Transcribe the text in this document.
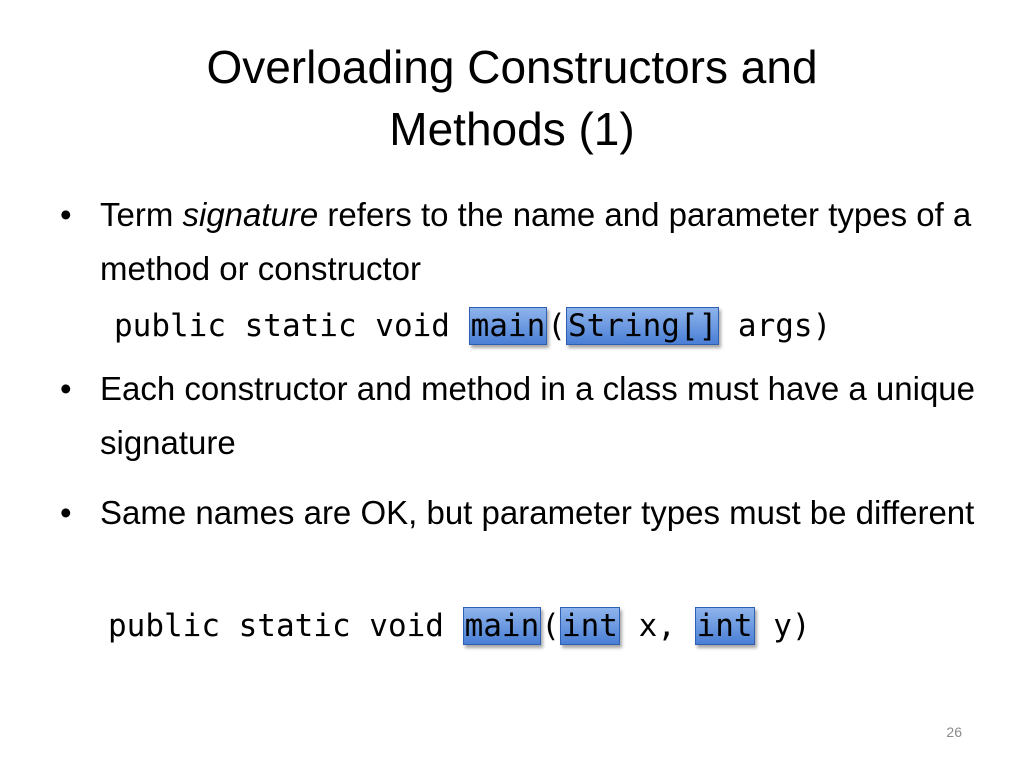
Overloading Constructors and
Methods (1)

• Term signature refers to the name and parameter types of a method or constructor

public static void main(String[] args)

• Each constructor and method in a class must have a unique signature

• Same names are OK, but parameter types must be different

public static void main(int x, int y)
26
